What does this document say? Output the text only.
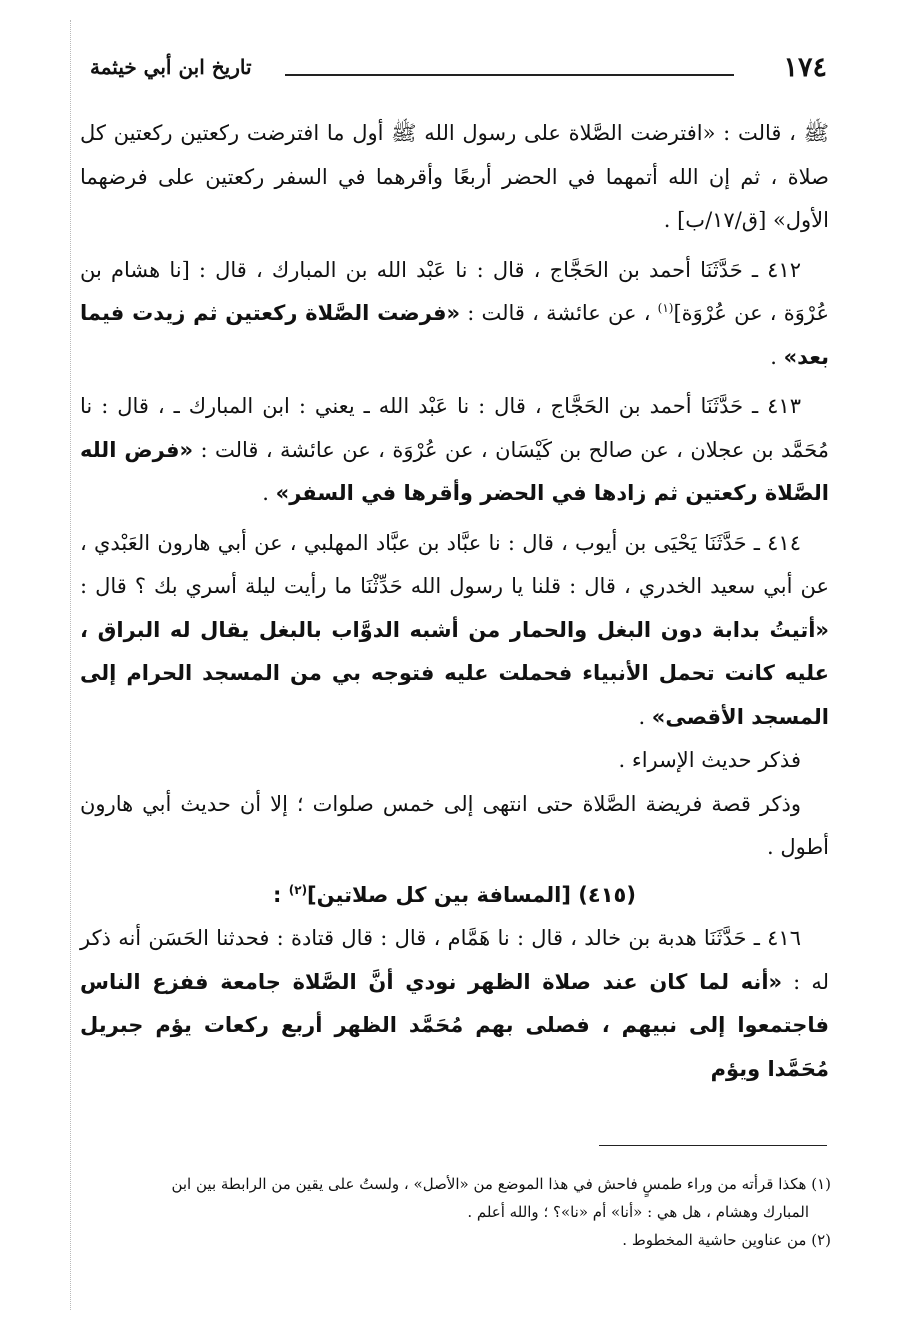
١٧٤
تاريخ ابن أبي خيثمة

ﷺ ، قالت : «افترضت الصَّلاة على رسول الله ﷺ أول ما افترضت ركعتين ركعتين كل صلاة ، ثم إن الله أتمهما في الحضر أربعًا وأقرهما في السفر ركعتين على فرضهما الأول» [ق/١٧/ب] .

٤١٢ ـ حَدَّثَنَا أحمد بن الحَجَّاج ، قال : نا عَبْد الله بن المبارك ، قال : [نا هشام بن عُرْوَة ، عن عُرْوَة]$^{(١)}$ ، عن عائشة ، قالت : «فرضت الصَّلاة ركعتين ثم زيدت فيما بعد» .

٤١٣ ـ حَدَّثَنَا أحمد بن الحَجَّاج ، قال : نا عَبْد الله ـ يعني : ابن المبارك ـ ، قال : نا مُحَمَّد بن عجلان ، عن صالح بن كَيْسَان ، عن عُرْوَة ، عن عائشة ، قالت : «فرض الله الصَّلاة ركعتين ثم زادها في الحضر وأقرها في السفر» .

٤١٤ ـ حَدَّثَنَا يَحْيَى بن أيوب ، قال : نا عبَّاد بن عبَّاد المهلبي ، عن أبي هارون العَبْدي ، عن أبي سعيد الخدري ، قال : قلنا يا رسول الله حَدِّثْنَا ما رأيت ليلة أسري بك ؟ قال : «أتيتُ بدابة دون البغل والحمار من أشبه الدوَّاب بالبغل يقال له البراق ، عليه كانت تحمل الأنبياء فحملت عليه فتوجه بي من المسجد الحرام إلى المسجد الأقصى» .

فذكر حديث الإسراء .

وذكر قصة فريضة الصَّلاة حتى انتهى إلى خمس صلوات ؛ إلا أن حديث أبي هارون أطول .

(٤١٥) [المسافة بين كل صلاتين]$^{(٢)}$ :

٤١٦ ـ حَدَّثَنَا هدبة بن خالد ، قال : نا هَمَّام ، قال : قال قتادة : فحدثنا الحَسَن أنه ذكر له : «أنه لما كان عند صلاة الظهر نودي أنَّ الصَّلاة جامعة ففزع الناس فاجتمعوا إلى نبيهم ، فصلى بهم مُحَمَّد الظهر أربع ركعات يؤم جبريل مُحَمَّدا ويؤم

(١) هكذا قرأته من وراء طمسٍ فاحش في هذا الموضع من «الأصل» ، ولستُ على يقين من الرابطة بين ابن

المبارك وهشام ، هل هي : «أنا» أم «نا»؟ ؛ والله أعلم .

(٢) من عناوين حاشية المخطوط .
